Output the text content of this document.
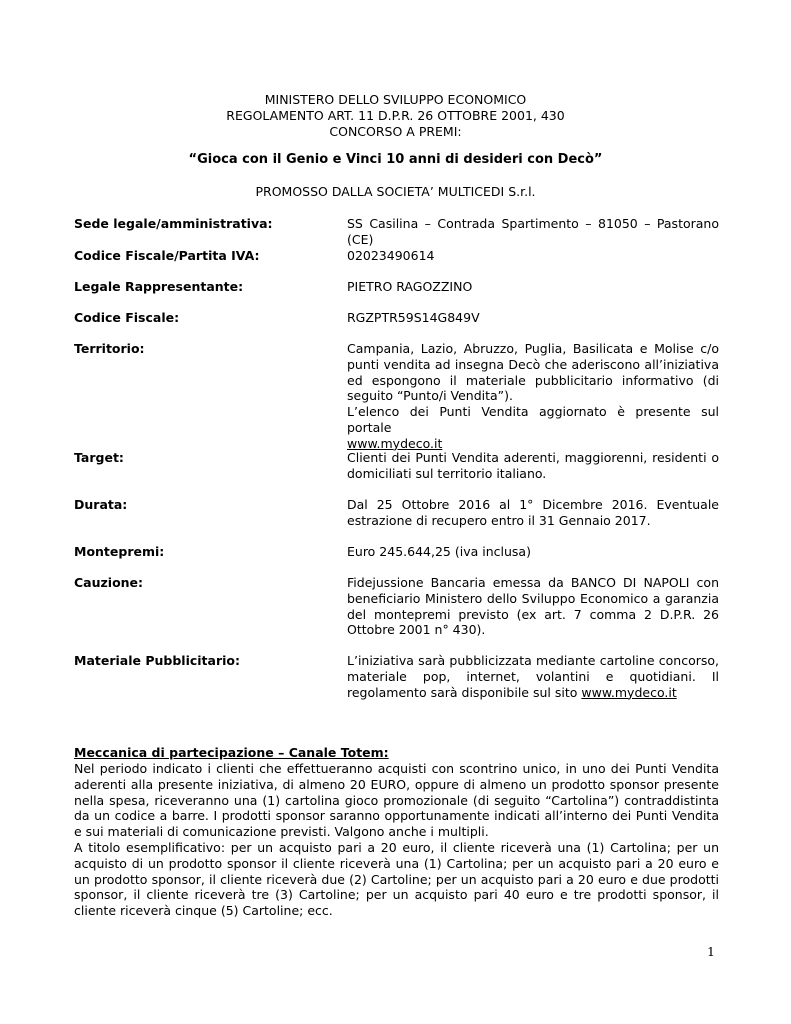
MINISTERO DELLO SVILUPPO ECONOMICO
REGOLAMENTO ART. 11 D.P.R. 26 OTTOBRE 2001, 430
CONCORSO A PREMI:
“Gioca con il Genio e Vinci 10 anni di desideri con Decò”
PROMOSSO DALLA SOCIETA’ MULTICEDI S.r.l.
Sede legale/amministrativa:	SS Casilina – Contrada Spartimento – 81050 – Pastorano (CE)
Codice Fiscale/Partita IVA:	02023490614
Legale Rappresentante:	PIETRO RAGOZZINO
Codice Fiscale:	RGZPTR59S14G849V
Territorio:	Campania, Lazio, Abruzzo, Puglia, Basilicata e Molise c/o punti vendita ad insegna Decò che aderiscono all’iniziativa ed espongono il materiale pubblicitario informativo (di seguito “Punto/i Vendita”).

L’elenco dei Punti Vendita aggiornato è presente sul portale

www.mydeco.it

Target:	Clienti dei Punti Vendita aderenti, maggiorenni, residenti o domiciliati sul territorio italiano.
Durata:	Dal 25 Ottobre 2016 al 1° Dicembre 2016. Eventuale estrazione di recupero entro il 31 Gennaio 2017.
Montepremi:	Euro 245.644,25 (iva inclusa)
Cauzione:	Fidejussione Bancaria emessa da BANCO DI NAPOLI con beneficiario Ministero dello Sviluppo Economico a garanzia del montepremi previsto (ex art. 7 comma 2 D.P.R. 26 Ottobre 2001 n° 430).
Materiale Pubblicitario:	L’iniziativa sarà pubblicizzata mediante cartoline concorso, materiale pop, internet, volantini e quotidiani. Il regolamento sarà disponibile sul sito www.mydeco.it
Meccanica di partecipazione – Canale Totem:

Nel periodo indicato i clienti che effettueranno acquisti con scontrino unico, in uno dei Punti Vendita aderenti alla presente iniziativa, di almeno 20 EURO, oppure di almeno un prodotto sponsor presente nella spesa, riceveranno una (1) cartolina gioco promozionale (di seguito “Cartolina”) contraddistinta da un codice a barre. I prodotti sponsor saranno opportunamente indicati all’interno dei Punti Vendita e sui materiali di comunicazione previsti. Valgono anche i multipli.

A titolo esemplificativo: per un acquisto pari a 20 euro, il cliente riceverà una (1) Cartolina; per un acquisto di un prodotto sponsor il cliente riceverà una (1) Cartolina; per un acquisto pari a 20 euro e un prodotto sponsor, il cliente riceverà due (2) Cartoline; per un acquisto pari a 20 euro e due prodotti sponsor, il cliente riceverà tre (3) Cartoline; per un acquisto pari 40 euro e tre prodotti sponsor, il cliente riceverà cinque (5) Cartoline; ecc.

1
